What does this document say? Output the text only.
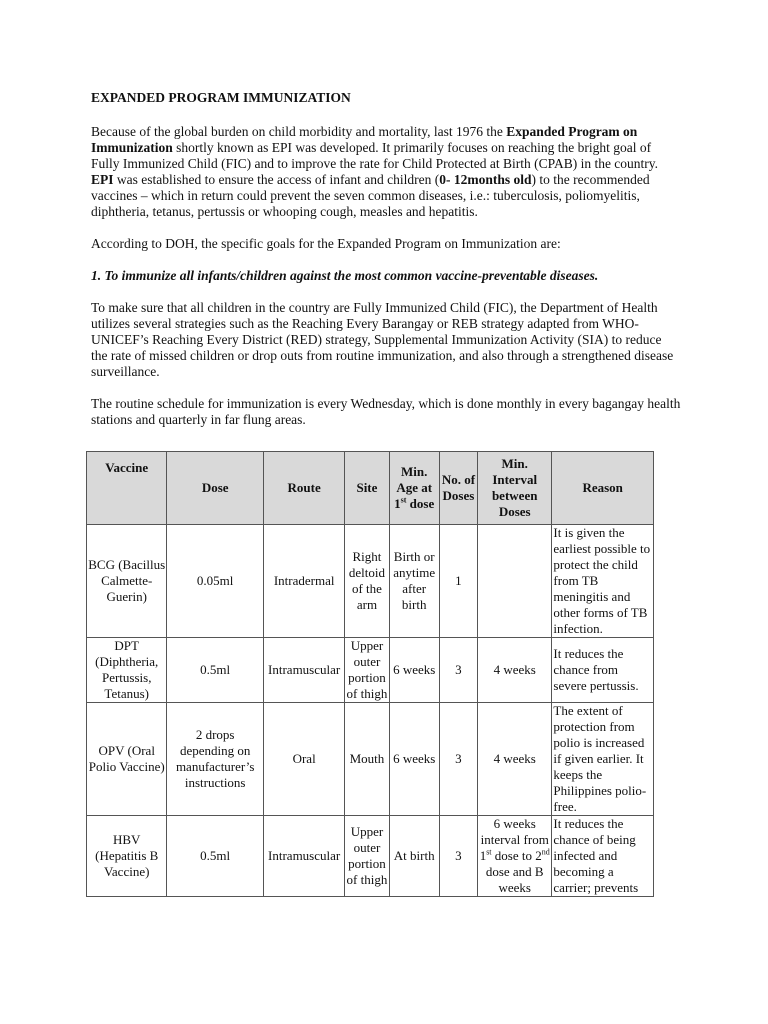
EXPANDED PROGRAM IMMUNIZATION

Because of the global burden on child morbidity and mortality, last 1976 the Expanded Program on Immunization shortly known as EPI was developed. It primarily focuses on reaching the bright goal of Fully Immunized Child (FIC) and to improve the rate for Child Protected at Birth (CPAB) in the country. EPI was established to ensure the access of infant and children (0- 12months old) to the recommended vaccines – which in return could prevent the seven common diseases, i.e.: tuberculosis, poliomyelitis, diphtheria, tetanus, pertussis or whooping cough, measles and hepatitis.

According to DOH, the specific goals for the Expanded Program on Immunization are:

1. To immunize all infants/children against the most common vaccine-preventable diseases.

To make sure that all children in the country are Fully Immunized Child (FIC), the Department of Health utilizes several strategies such as the Reaching Every Barangay or REB strategy adapted from WHO-UNICEF’s Reaching Every District (RED) strategy, Supplemental Immunization Activity (SIA) to reduce the rate of missed children or drop outs from routine immunization, and also through a strengthened disease surveillance.

The routine schedule for immunization is every Wednesday, which is done monthly in every bagangay health stations and quarterly in far flung areas.

Vaccine	Dose	Route	Site	Min. Age at 1st dose	No. of Doses	Min. Interval between Doses	Reason
BCG (Bacillus Calmette-Guerin)	0.05ml	Intradermal	Right deltoid of the arm	Birth or anytime after birth	1		It is given the earliest possible to protect the child from TB meningitis and other forms of TB infection.
DPT (Diphtheria, Pertussis, Tetanus)	0.5ml	Intramuscular	Upper outer portion of thigh	6 weeks	3	4 weeks	It reduces the chance from severe pertussis.
OPV (Oral Polio Vaccine)	2 drops depending on manufacturer’s instructions	Oral	Mouth	6 weeks	3	4 weeks	The extent of protection from polio is increased if given earlier. It keeps the Philippines polio-free.
HBV (Hepatitis B Vaccine)	0.5ml	Intramuscular	Upper outer portion of thigh	At birth	3	6 weeks interval from 1st dose to 2nd dose and B weeks	It reduces the chance of being infected and becoming a carrier; prevents
